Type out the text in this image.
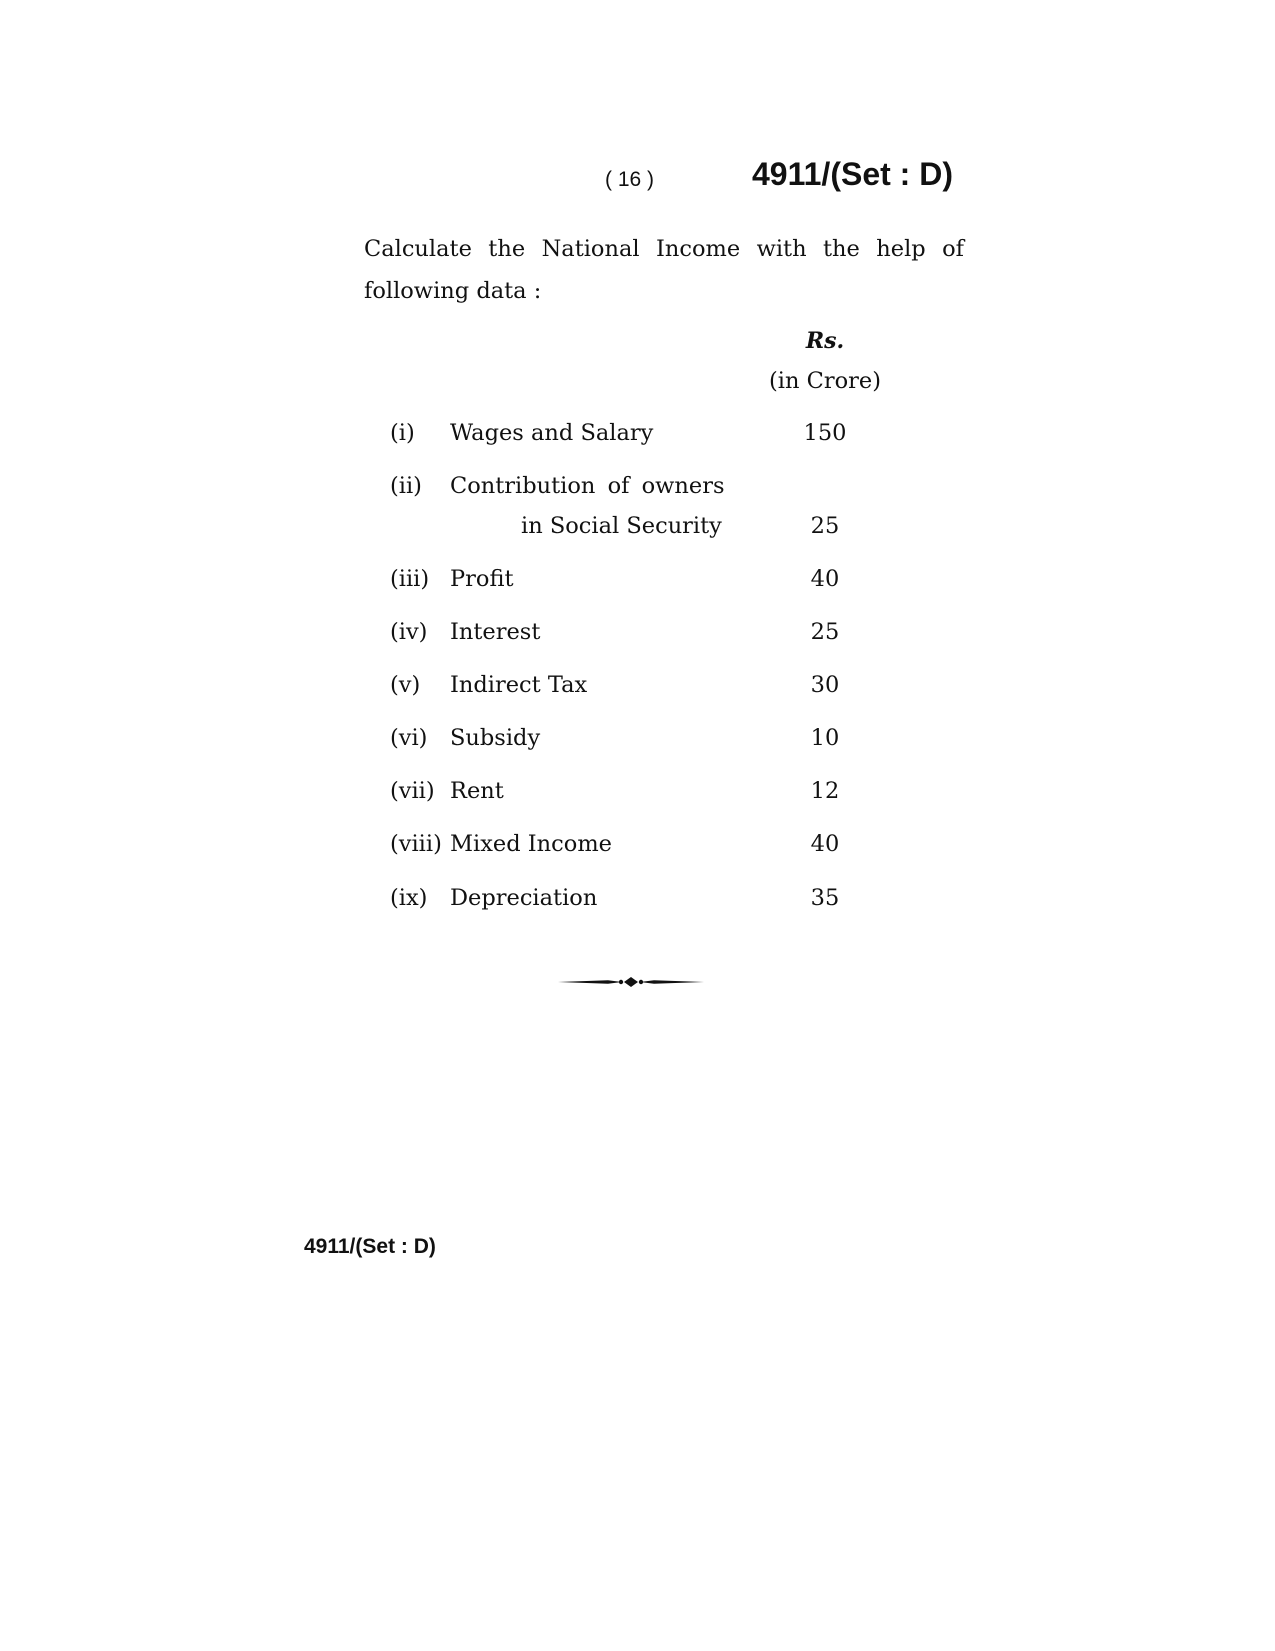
( 16 )	4911/(Set : D)
Calculate the National Income with the help of following data :
Rs.
(in Crore)
(i) Wages and Salary	150
(ii) Contribution of owners
in Social Security	25
(iii) Profit	40
(iv) Interest	25
(v) Indirect Tax	30
(vi) Subsidy	10
(vii) Rent	12
(viii) Mixed Income	40
(ix) Depreciation	35
4911/(Set : D)
